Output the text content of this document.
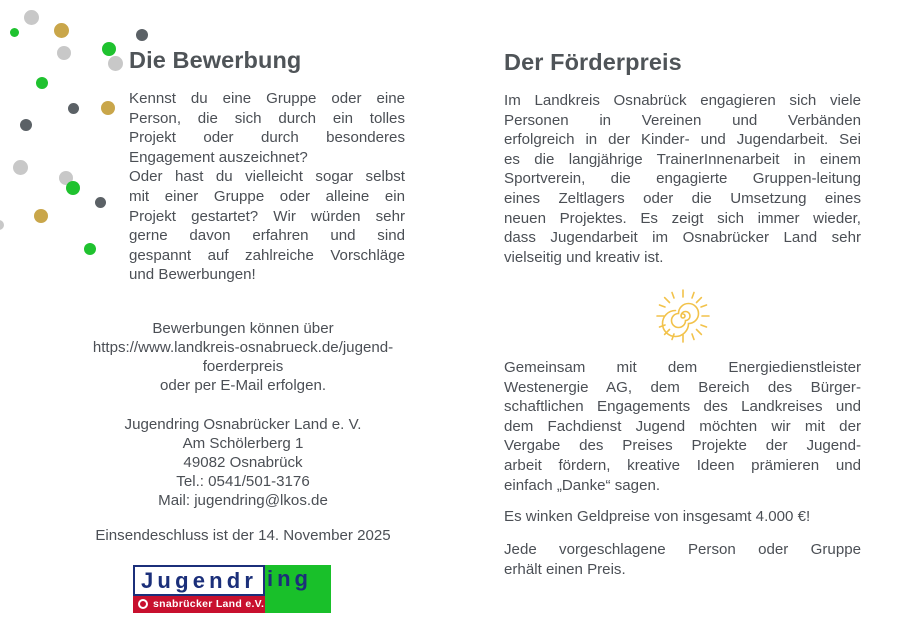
Die Bewerbung
Kennst du eine Gruppe oder eine
Person, die sich durch ein tolles
Projekt oder durch besonderes
Engagement auszeichnet?
Oder hast du vielleicht sogar selbst
mit einer Gruppe oder alleine ein
Projekt gestartet? Wir würden sehr
gerne davon erfahren und sind
gespannt auf zahlreiche Vorschläge
und Bewerbungen!
Bewerbungen können über
https://www.landkreis-osnabrueck.de/jugend-
foerderpreis
oder per E-Mail erfolgen.
Jugendring Osnabrücker Land e. V.
Am Schölerberg 1
49082 Osnabrück
Tel.: 0541/501-3176
Mail: jugendring@lkos.de
Einsendeschluss ist der 14. November 2025
Jugendr
snabrücker Land e.V.
ing
Der Förderpreis
Im Landkreis Osnabrück engagieren sich viele
Personen in Vereinen und Verbänden
erfolgreich in der Kinder- und Jugendarbeit. Sei
es die langjährige TrainerInnenarbeit in einem
Sportverein, die engagierte Gruppen-leitung
eines Zeltlagers oder die Umsetzung eines
neuen Projektes. Es zeigt sich immer wieder,
dass Jugendarbeit im Osnabrücker Land sehr
vielseitig und kreativ ist.
Gemeinsam mit dem Energiedienstleister
Westenergie AG, dem Bereich des Bürger-
schaftlichen Engagements des Landkreises und
dem Fachdienst Jugend möchten wir mit der
Vergabe des Preises Projekte der Jugend-
arbeit fördern, kreative Ideen prämieren und
einfach „Danke“ sagen.
Es winken Geldpreise von insgesamt 4.000 €!
Jede vorgeschlagene Person oder Gruppe
erhält einen Preis.
